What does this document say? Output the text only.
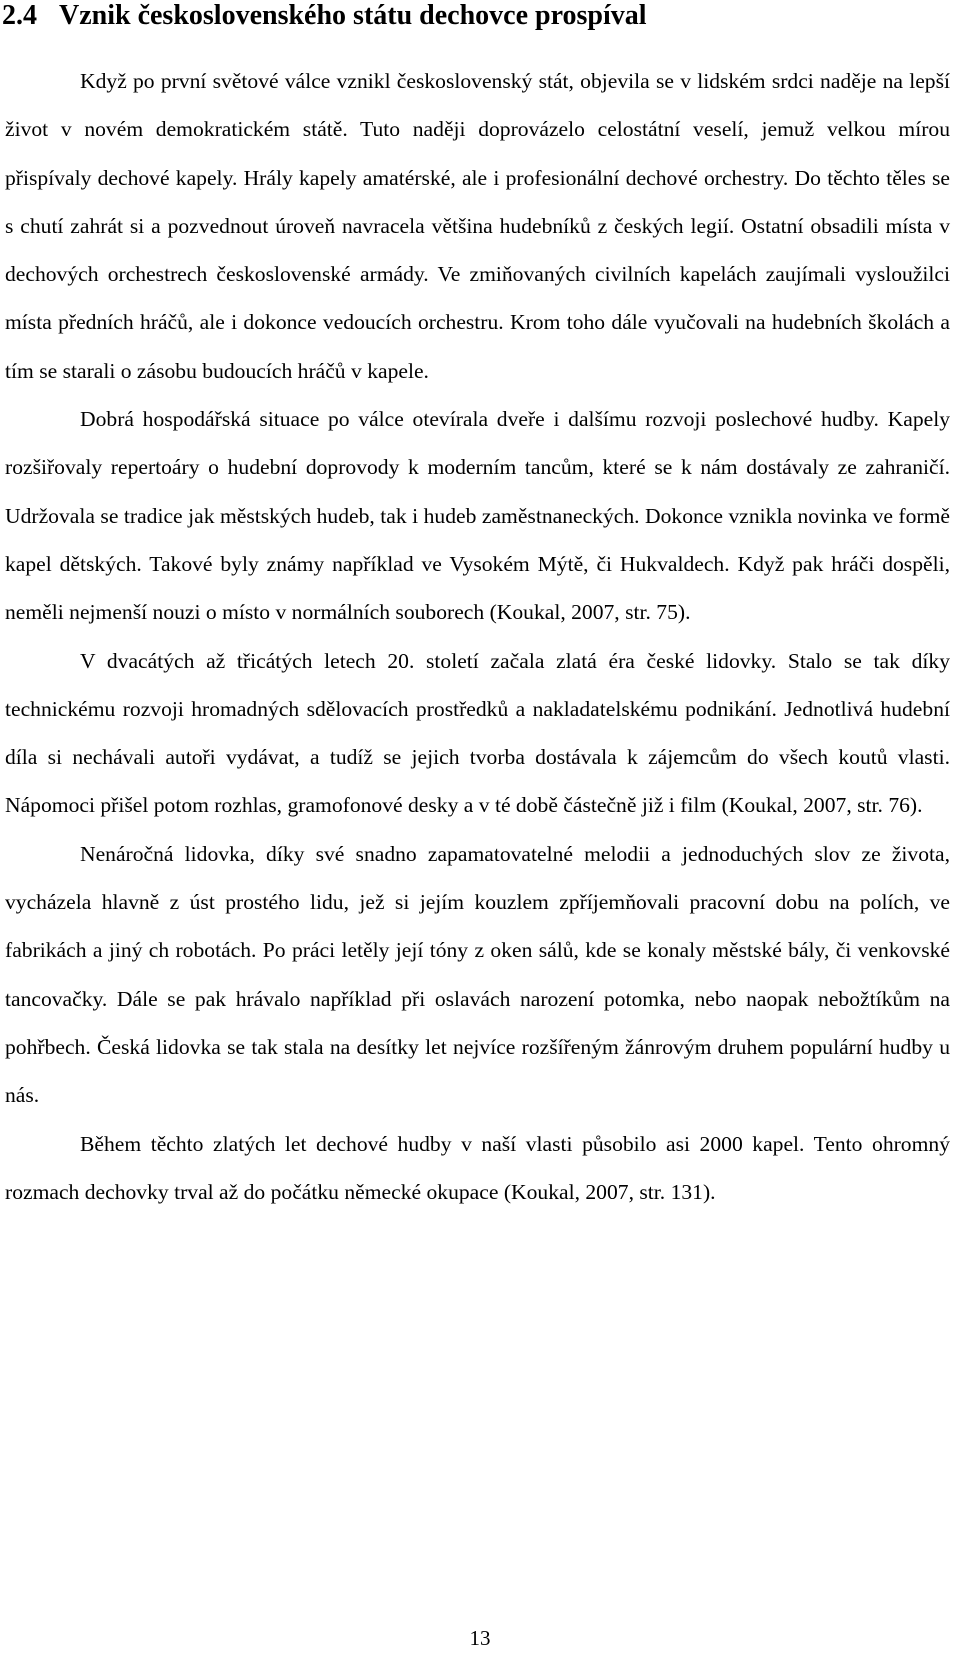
2.4 Vznik československého státu dechovce prospíval

Když po první světové válce vznikl československý stát, objevila se v lidském srdci naděje na lepší život v novém demokratickém státě. Tuto naději doprovázelo celostátní veselí, jemuž velkou mírou přispívaly dechové kapely. Hrály kapely amatérské, ale i profesionální dechové orchestry. Do těchto těles se s chutí zahrát si a pozvednout úroveň navracela většina hudebníků z českých legií. Ostatní obsadili místa v dechových orchestrech československé armády. Ve zmiňovaných civilních kapelách zaujímali vysloužilci místa předních hráčů, ale i dokonce vedoucích orchestru. Krom toho dále vyučovali na hudebních školách a tím se starali o zásobu budoucích hráčů v kapele.

Dobrá hospodářská situace po válce otevírala dveře i dalšímu rozvoji poslechové hudby. Kapely rozšiřovaly repertoáry o hudební doprovody k moderním tancům, které se k nám dostávaly ze zahraničí. Udržovala se tradice jak městských hudeb, tak i hudeb zaměstnaneckých. Dokonce vznikla novinka ve formě kapel dětských. Takové byly známy například ve Vysokém Mýtě, či Hukvaldech. Když pak hráči dospěli, neměli nejmenší nouzi o místo v normálních souborech (Koukal, 2007, str. 75).

V dvacátých až třicátých letech 20. století začala zlatá éra české lidovky. Stalo se tak díky technickému rozvoji hromadných sdělovacích prostředků a nakladatelskému podnikání. Jednotlivá hudební díla si nechávali autoři vydávat, a tudíž se jejich tvorba dostávala k zájemcům do všech koutů vlasti. Nápomoci přišel potom rozhlas, gramofonové desky a v té době částečně již i film (Koukal, 2007, str. 76).

Nenáročná lidovka, díky své snadno zapamatovatelné melodii a jednoduchých slov ze života, vycházela hlavně z úst prostého lidu, jež si jejím kouzlem zpříjemňovali pracovní dobu na polích, ve fabrikách a jiný ch robotách. Po práci letěly její tóny z oken sálů, kde se konaly městské bály, či venkovské tancovačky. Dále se pak hrávalo například při oslavách narození potomka, nebo naopak nebožtíkům na pohřbech. Česká lidovka se tak stala na desítky let nejvíce rozšířeným žánrovým druhem populární hudby u nás.

Během těchto zlatých let dechové hudby v naší vlasti působilo asi 2000 kapel. Tento ohromný rozmach dechovky trval až do počátku německé okupace (Koukal, 2007, str. 131).

13
